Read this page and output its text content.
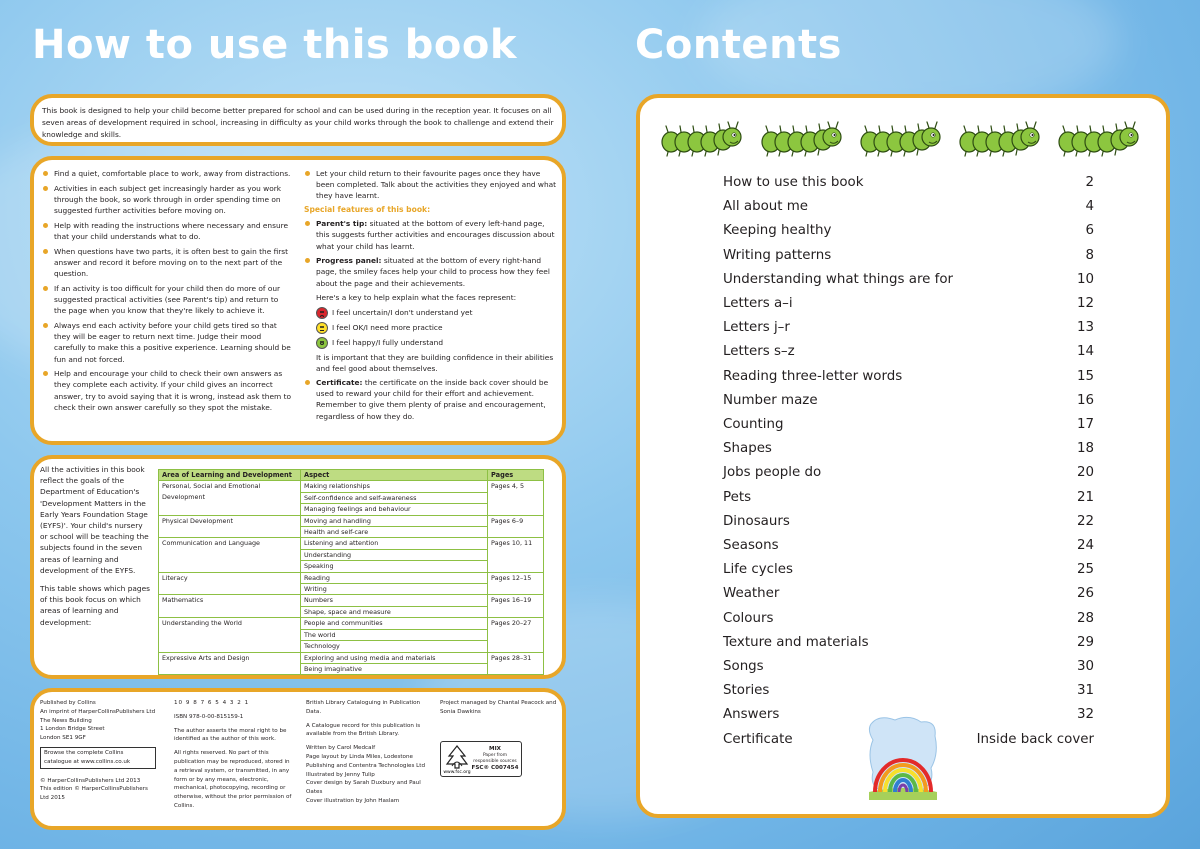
How to use this book
This book is designed to help your child become better prepared for school and can be used during in the reception year. It focuses on all seven areas of development required in school, increasing in difficulty as your child works through the book to challenge and extend their knowledge and skills.
Find a quiet, comfortable place to work, away from distractions.
Activities in each subject get increasingly harder as you work through the book, so work through in order spending time on suggested further activities before moving on.
Help with reading the instructions where necessary and ensure that your child understands what to do.
When questions have two parts, it is often best to gain the first answer and record it before moving on to the next part of the question.
If an activity is too difficult for your child then do more of our suggested practical activities (see Parent's tip) and return to the page when you know that they're likely to achieve it.
Always end each activity before your child gets tired so that they will be eager to return next time. Judge their mood carefully to make this a positive experience. Learning should be fun and not forced.
Help and encourage your child to check their own answers as they complete each activity. If your child gives an incorrect answer, try to avoid saying that it is wrong, instead ask them to check their own answer carefully so they spot the mistake.
Let your child return to their favourite pages once they have been completed. Talk about the activities they enjoyed and what they have learnt.
Special features of this book:
Parent's tip: situated at the bottom of every left-hand page, this suggests further activities and encourages discussion about what your child has learnt.
Progress panel: situated at the bottom of every right-hand page, the smiley faces help your child to process how they feel about the page and their achievements.

Here's a key to help explain what the faces represent:

I feel uncertain/I don't understand yet
I feel OK/I need more practice
I feel happy/I fully understand

It is important that they are building confidence in their abilities and feel good about themselves.

Certificate: the certificate on the inside back cover should be used to reward your child for their effort and achievement. Remember to give them plenty of praise and encouragement, regardless of how they do.

All the activities in this book reflect the goals of the Department of Education's 'Development Matters in the Early Years Foundation Stage (EYFS)'. Your child's nursery or school will be teaching the subjects found in the seven areas of learning and development of the EYFS.

This table shows which pages of this book focus on which areas of learning and development:

Area of Learning and Development	Aspect	Pages
Personal, Social and Emotional Development	Making relationships	Pages 4, 5
	Self-confidence and self-awareness	
	Managing feelings and behaviour	
Physical Development	Moving and handling	Pages 6–9
	Health and self-care	
Communication and Language	Listening and attention	Pages 10, 11
	Understanding	
	Speaking	
Literacy	Reading	Pages 12–15
	Writing	
Mathematics	Numbers	Pages 16–19
	Shape, space and measure	
Understanding the World	People and communities	Pages 20–27
	The world	
	Technology	
Expressive Arts and Design	Exploring and using media and materials	Pages 28–31
	Being imaginative	
Published by Collins
An imprint of HarperCollinsPublishers Ltd
The News Building
1 London Bridge Street
London SE1 9GF
Browse the complete Collins catalogue at www.collins.co.uk
© HarperCollinsPublishers Ltd 2013
This edition © HarperCollinsPublishers
Ltd 2015

10 9 8 7 6 5 4 3 2 1

ISBN 978-0-00-815159-1

The author asserts the moral right to be identified as the author of this work.

All rights reserved. No part of this publication may be reproduced, stored in a retrieval system, or transmitted, in any form or by any means, electronic, mechanical, photocopying, recording or otherwise, without the prior permission of Collins.

British Library Cataloguing in Publication Data.

A Catalogue record for this publication is available from the British Library.

Written by Carol Medcalf
Page layout by Linda Miles, Lodestone Publishing and Contentra Technologies Ltd
Illustrated by Jenny Tulip
Cover design by Sarah Duxbury and Paul Oates
Cover illustration by John Haslam

Project managed by Chantal Peacock and Sonia Dawkins

www.fsc.org
MIX
Paper from responsible sources
FSC® C007454
Contents
How to use this book	2
All about me	4
Keeping healthy	6
Writing patterns	8
Understanding what things are for	10
Letters a–i	12
Letters j–r	13
Letters s–z	14
Reading three-letter words	15
Number maze	16
Counting	17
Shapes	18
Jobs people do	20
Pets	21
Dinosaurs	22
Seasons	24
Life cycles	25
Weather	26
Colours	28
Texture and materials	29
Songs	30
Stories	31
Answers	32
Certificate	Inside back cover
